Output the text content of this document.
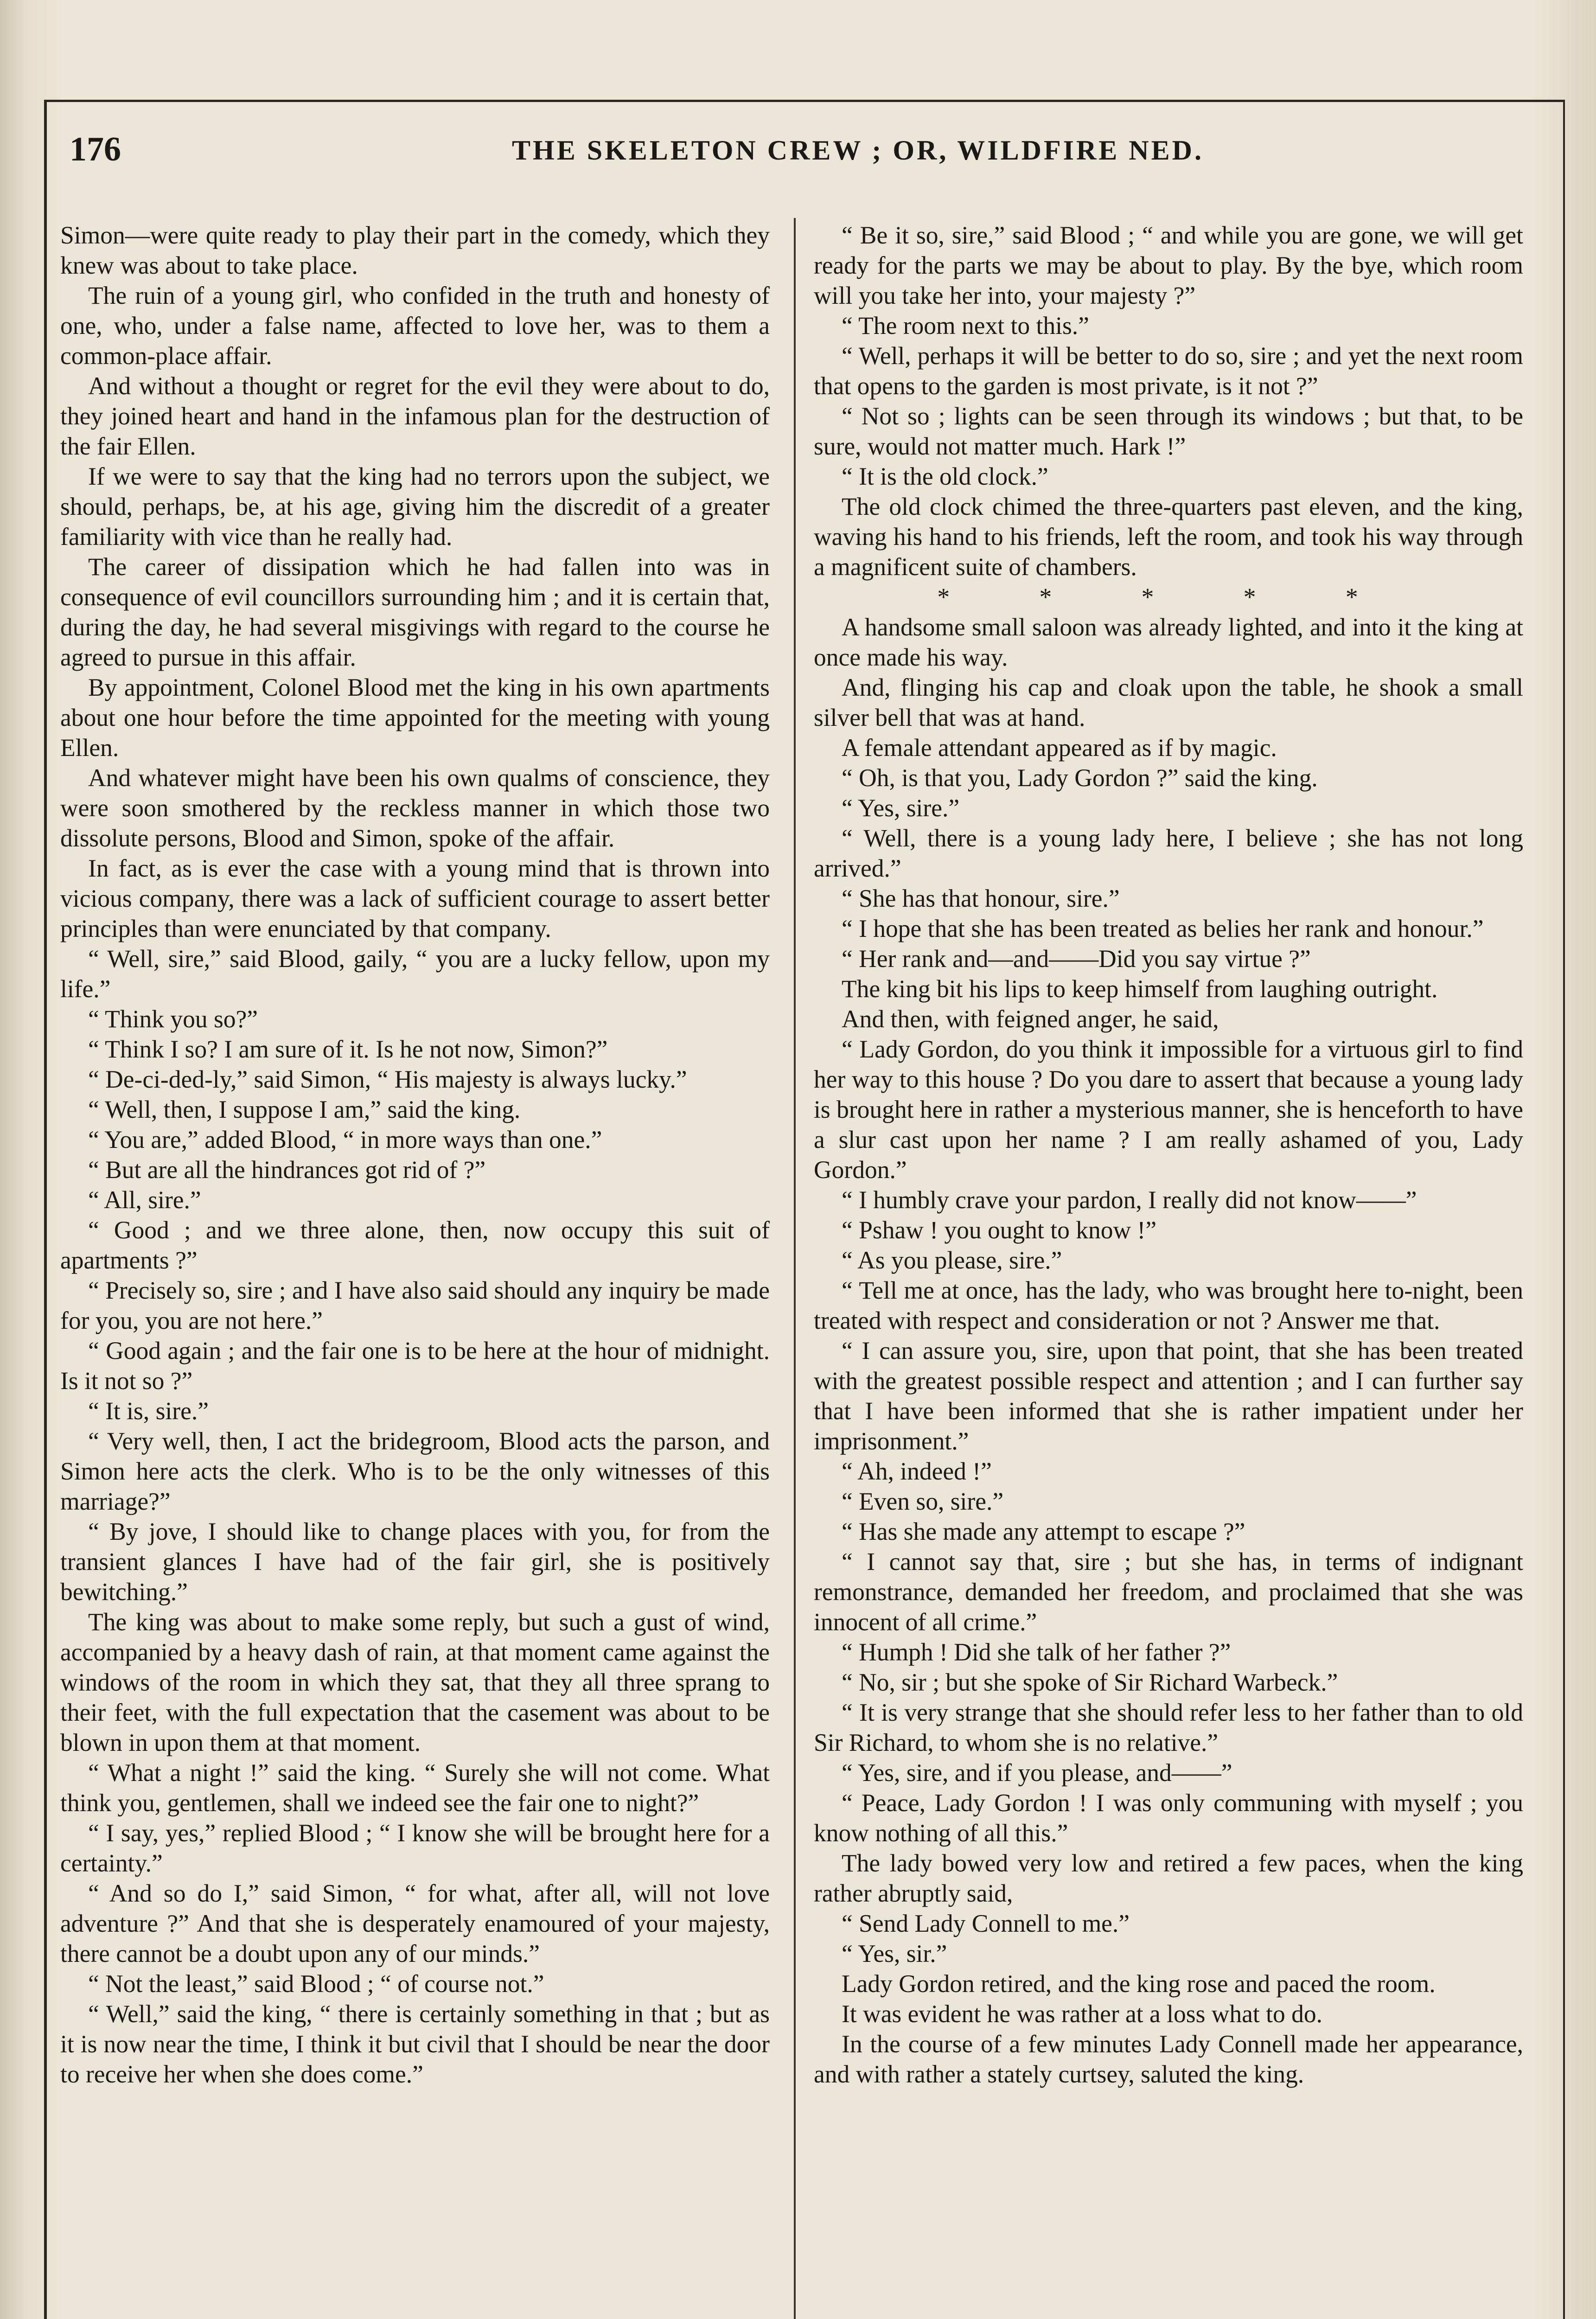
176	THE SKELETON CREW ; OR, WILDFIRE NED.

Simon—were quite ready to play their part in the comedy, which they knew was about to take place.

The ruin of a young girl, who confided in the truth and honesty of one, who, under a false name, affected to love her, was to them a common-place affair.

And without a thought or regret for the evil they were about to do, they joined heart and hand in the infamous plan for the destruction of the fair Ellen.

If we were to say that the king had no terrors upon the subject, we should, perhaps, be, at his age, giving him the discredit of a greater familiarity with vice than he really had.

The career of dissipation which he had fallen into was in consequence of evil councillors surrounding him ; and it is certain that, during the day, he had several misgivings with regard to the course he agreed to pursue in this affair.

By appointment, Colonel Blood met the king in his own apartments about one hour before the time appointed for the meeting with young Ellen.

And whatever might have been his own qualms of conscience, they were soon smothered by the reckless manner in which those two dissolute persons, Blood and Simon, spoke of the affair.

In fact, as is ever the case with a young mind that is thrown into vicious company, there was a lack of sufficient courage to assert better principles than were enunciated by that company.

“ Well, sire,” said Blood, gaily, “ you are a lucky fellow, upon my life.”

“ Think you so?”

“ Think I so? I am sure of it. Is he not now, Simon?”

“ De-ci-ded-ly,” said Simon, “ His majesty is always lucky.”

“ Well, then, I suppose I am,” said the king.

“ You are,” added Blood, “ in more ways than one.”

“ But are all the hindrances got rid of ?”

“ All, sire.”

“ Good ; and we three alone, then, now occupy this suit of apartments ?”

“ Precisely so, sire ; and I have also said should any inquiry be made for you, you are not here.”

“ Good again ; and the fair one is to be here at the hour of midnight. Is it not so ?”

“ It is, sire.”

“ Very well, then, I act the bridegroom, Blood acts the parson, and Simon here acts the clerk. Who is to be the only witnesses of this marriage?”

“ By jove, I should like to change places with you, for from the transient glances I have had of the fair girl, she is positively bewitching.”

The king was about to make some reply, but such a gust of wind, accompanied by a heavy dash of rain, at that moment came against the windows of the room in which they sat, that they all three sprang to their feet, with the full expectation that the casement was about to be blown in upon them at that moment.

“ What a night !” said the king. “ Surely she will not come. What think you, gentlemen, shall we indeed see the fair one to night?”

“ I say, yes,” replied Blood ; “ I know she will be brought here for a certainty.”

“ And so do I,” said Simon, “ for what, after all, will not love adventure ?” And that she is desperately enamoured of your majesty, there cannot be a doubt upon any of our minds.”

“ Not the least,” said Blood ; “ of course not.”

“ Well,” said the king, “ there is certainly something in that ; but as it is now near the time, I think it but civil that I should be near the door to receive her when she does come.”

“ Be it so, sire,” said Blood ; “ and while you are gone, we will get ready for the parts we may be about to play. By the bye, which room will you take her into, your majesty ?”

“ The room next to this.”

“ Well, perhaps it will be better to do so, sire ; and yet the next room that opens to the garden is most private, is it not ?”

“ Not so ; lights can be seen through its windows ; but that, to be sure, would not matter much. Hark !”

“ It is the old clock.”

The old clock chimed the three-quarters past eleven, and the king, waving his hand to his friends, left the room, and took his way through a magnificent suite of chambers.

* * * * *

A handsome small saloon was already lighted, and into it the king at once made his way.

And, flinging his cap and cloak upon the table, he shook a small silver bell that was at hand.

A female attendant appeared as if by magic.

“ Oh, is that you, Lady Gordon ?” said the king.

“ Yes, sire.”

“ Well, there is a young lady here, I believe ; she has not long arrived.”

“ She has that honour, sire.”

“ I hope that she has been treated as belies her rank and honour.”

“ Her rank and—and——Did you say virtue ?”

The king bit his lips to keep himself from laughing outright.

And then, with feigned anger, he said,

“ Lady Gordon, do you think it impossible for a virtuous girl to find her way to this house ? Do you dare to assert that because a young lady is brought here in rather a mysterious manner, she is henceforth to have a slur cast upon her name ? I am really ashamed of you, Lady Gordon.”

“ I humbly crave your pardon, I really did not know——”

“ Pshaw ! you ought to know !”

“ As you please, sire.”

“ Tell me at once, has the lady, who was brought here to-night, been treated with respect and consideration or not ? Answer me that.

“ I can assure you, sire, upon that point, that she has been treated with the greatest possible respect and attention ; and I can further say that I have been informed that she is rather impatient under her imprisonment.”

“ Ah, indeed !”

“ Even so, sire.”

“ Has she made any attempt to escape ?”

“ I cannot say that, sire ; but she has, in terms of indignant remonstrance, demanded her freedom, and proclaimed that she was innocent of all crime.”

“ Humph ! Did she talk of her father ?”

“ No, sir ; but she spoke of Sir Richard Warbeck.”

“ It is very strange that she should refer less to her father than to old Sir Richard, to whom she is no relative.”

“ Yes, sire, and if you please, and——”

“ Peace, Lady Gordon ! I was only communing with myself ; you know nothing of all this.”

The lady bowed very low and retired a few paces, when the king rather abruptly said,

“ Send Lady Connell to me.”

“ Yes, sir.”

Lady Gordon retired, and the king rose and paced the room.

It was evident he was rather at a loss what to do.

In the course of a few minutes Lady Connell made her appearance, and with rather a stately curtsey, saluted the king.
